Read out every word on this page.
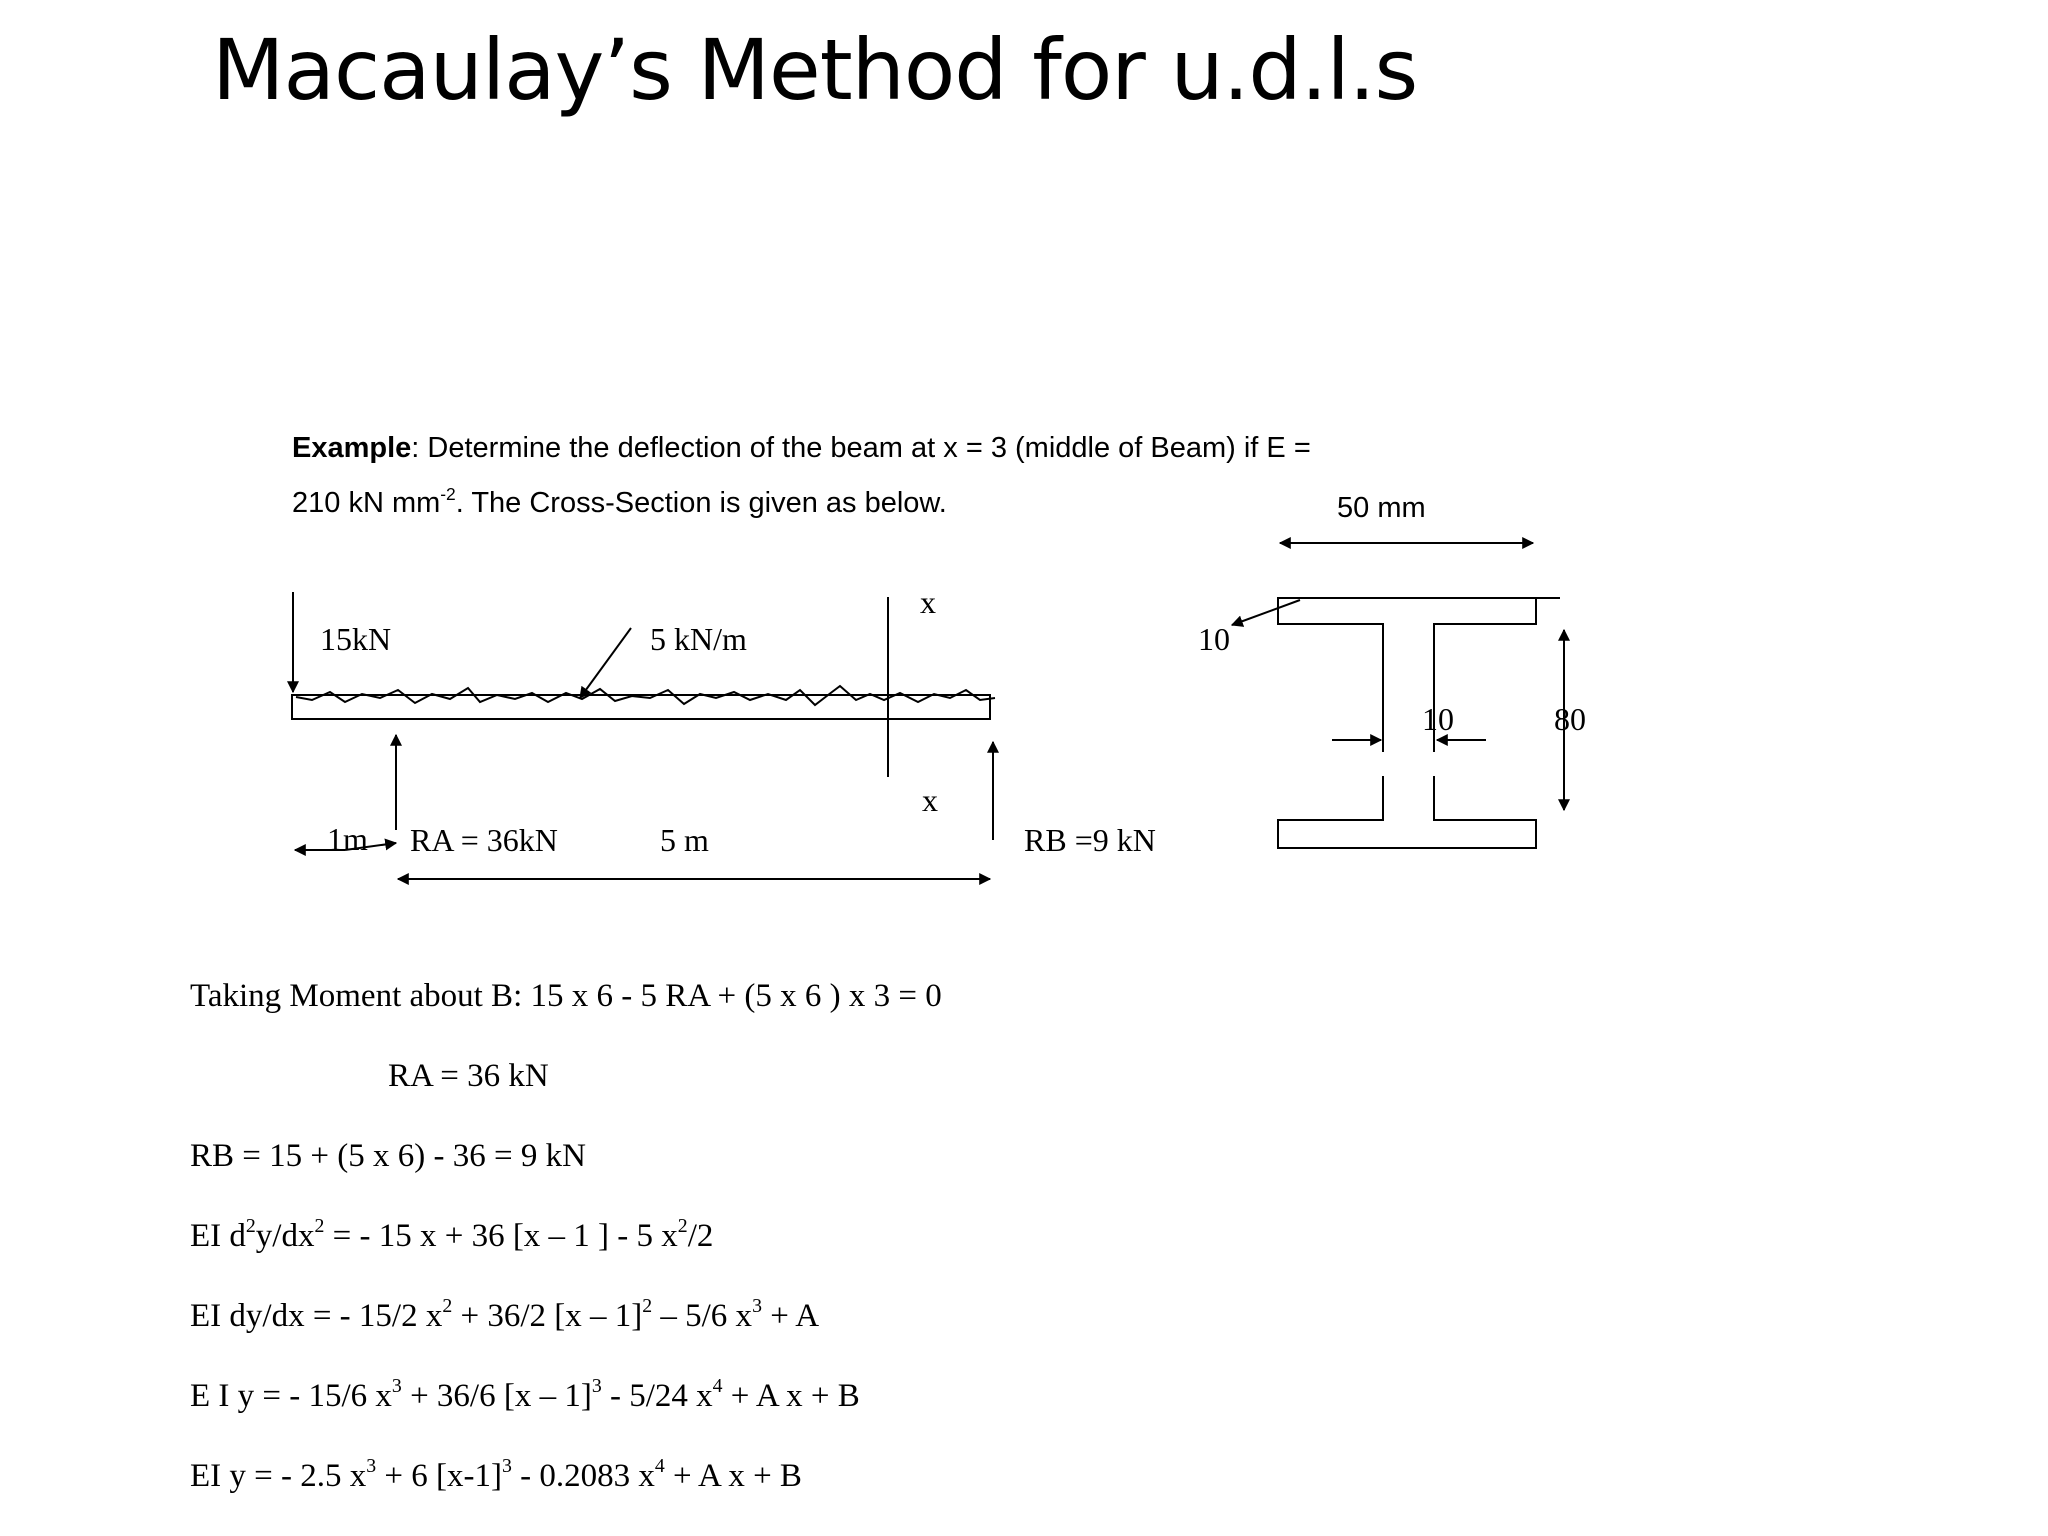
Macaulay’s Method for u.d.l.s
Example: Determine the deflection of the beam at x = 3 (middle of Beam) if E =
210 kN $mm^{-2}$. The Cross-Section is given as below.
5 kN/m
15kN
x
x
RA = 36kN	RB =9 kN
1m	5 m
50 mm
10
10	80
Taking Moment about B: 15 x 6 - 5 RA + (5 x 6 ) x 3 = 0
RA = 36 kN
RB = 15 + (5 x 6) - 36 = 9 kN
EI $d^2y/dx^2$ = - 15 x + 36 [x – 1 ] - 5 $x^2/2$
EI dy/dx = - 15/2 $x^2 + 36/2$ [x – 1]$^2$ – 5/6 $x^3 + A$
E I y = - 15/6 $x^3 + 36/6$ [x – 1]$^3$ - 5/24 $x^4 + A$ x + B
EI y = - 2.5 $x^3 + 6$ $[x-1]^3 - 0.2083$ $x^4 + A$ x + B
